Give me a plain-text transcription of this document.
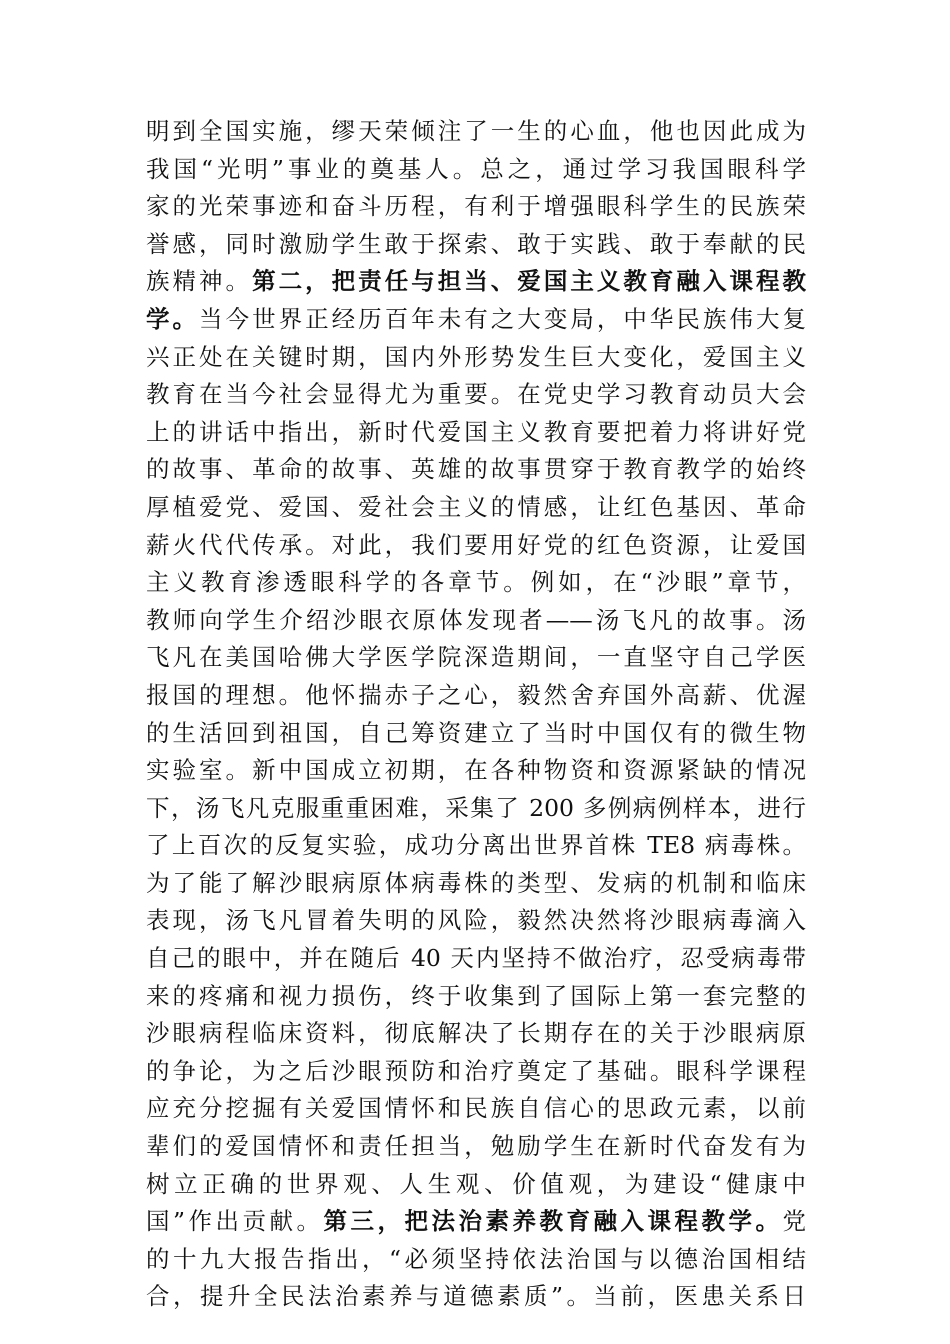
明到全国实施，缪天荣倾注了一生的心血，他也因此成为
我国“光明”事业的奠基人。总之，通过学习我国眼科学
家的光荣事迹和奋斗历程，有利于增强眼科学生的民族荣
誉感，同时激励学生敢于探索、敢于实践、敢于奉献的民
族精神。第二，把责任与担当、爱国主义教育融入课程教
学。当今世界正经历百年未有之大变局，中华民族伟大复
兴正处在关键时期，国内外形势发生巨大变化，爱国主义
教育在当今社会显得尤为重要。在党史学习教育动员大会
上的讲话中指出，新时代爱国主义教育要把着力将讲好党
的故事、革命的故事、英雄的故事贯穿于教育教学的始终
厚植爱党、爱国、爱社会主义的情感，让红色基因、革命
薪火代代传承。对此，我们要用好党的红色资源，让爱国
主义教育渗透眼科学的各章节。例如，在“沙眼”章节，
教师向学生介绍沙眼衣原体发现者——汤飞凡的故事。汤
飞凡在美国哈佛大学医学院深造期间，一直坚守自己学医
报国的理想。他怀揣赤子之心，毅然舍弃国外高薪、优渥
的生活回到祖国，自己筹资建立了当时中国仅有的微生物
实验室。新中国成立初期，在各种物资和资源紧缺的情况
下，汤飞凡克服重重困难，采集了 200 多例病例样本，进行
了上百次的反复实验，成功分离出世界首株 TE8 病毒株。
为了能了解沙眼病原体病毒株的类型、发病的机制和临床
表现，汤飞凡冒着失明的风险，毅然决然将沙眼病毒滴入
自己的眼中，并在随后 40 天内坚持不做治疗，忍受病毒带
来的疼痛和视力损伤，终于收集到了国际上第一套完整的
沙眼病程临床资料，彻底解决了长期存在的关于沙眼病原
的争论，为之后沙眼预防和治疗奠定了基础。眼科学课程
应充分挖掘有关爱国情怀和民族自信心的思政元素，以前
辈们的爱国情怀和责任担当，勉励学生在新时代奋发有为
树立正确的世界观、人生观、价值观，为建设“健康中
国”作出贡献。第三，把法治素养教育融入课程教学。党
的十九大报告指出，“必须坚持依法治国与以德治国相结
合，提升全民法治素养与道德素质”。当前，医患关系日
